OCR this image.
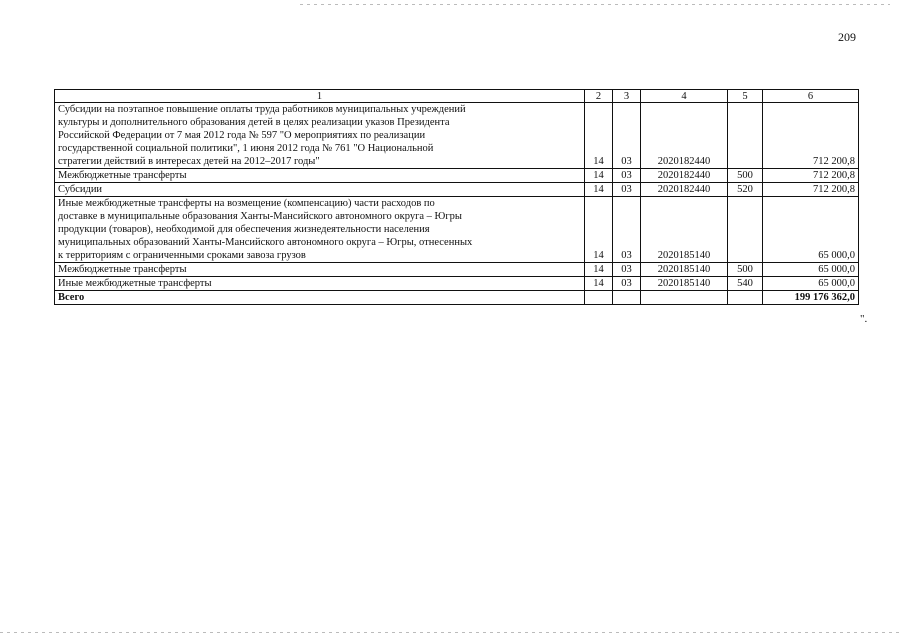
209
1	2	3	4	5	6

Субсидии на поэтапное повышение оплаты труда работников муниципальных учреждений
культуры и дополнительного образования детей в целях реализации указов Президента
Российской Федерации от 7 мая 2012 года № 597 "О мероприятиях по реализации
государственной социальной политики", 1 июня 2012 года № 761 "О Национальной
стратегии действий в интересах детей на 2012–2017 годы"	14	03	2020182440		712 200,8

Межбюджетные трансферты	14	03	2020182440	500	712 200,8

Субсидии	14	03	2020182440	520	712 200,8

Иные межбюджетные трансферты на возмещение (компенсацию) части расходов по
доставке в муниципальные образования Ханты-Мансийского автономного округа – Югры
продукции (товаров), необходимой для обеспечения жизнедеятельности населения
муниципальных образований Ханты-Мансийского автономного округа – Югры, отнесенных
к территориям с ограниченными сроками завоза грузов	14	03	2020185140		65 000,0

Межбюджетные трансферты	14	03	2020185140	500	65 000,0

Иные межбюджетные трансферты	14	03	2020185140	540	65 000,0
Всего					199 176 362,0
".
